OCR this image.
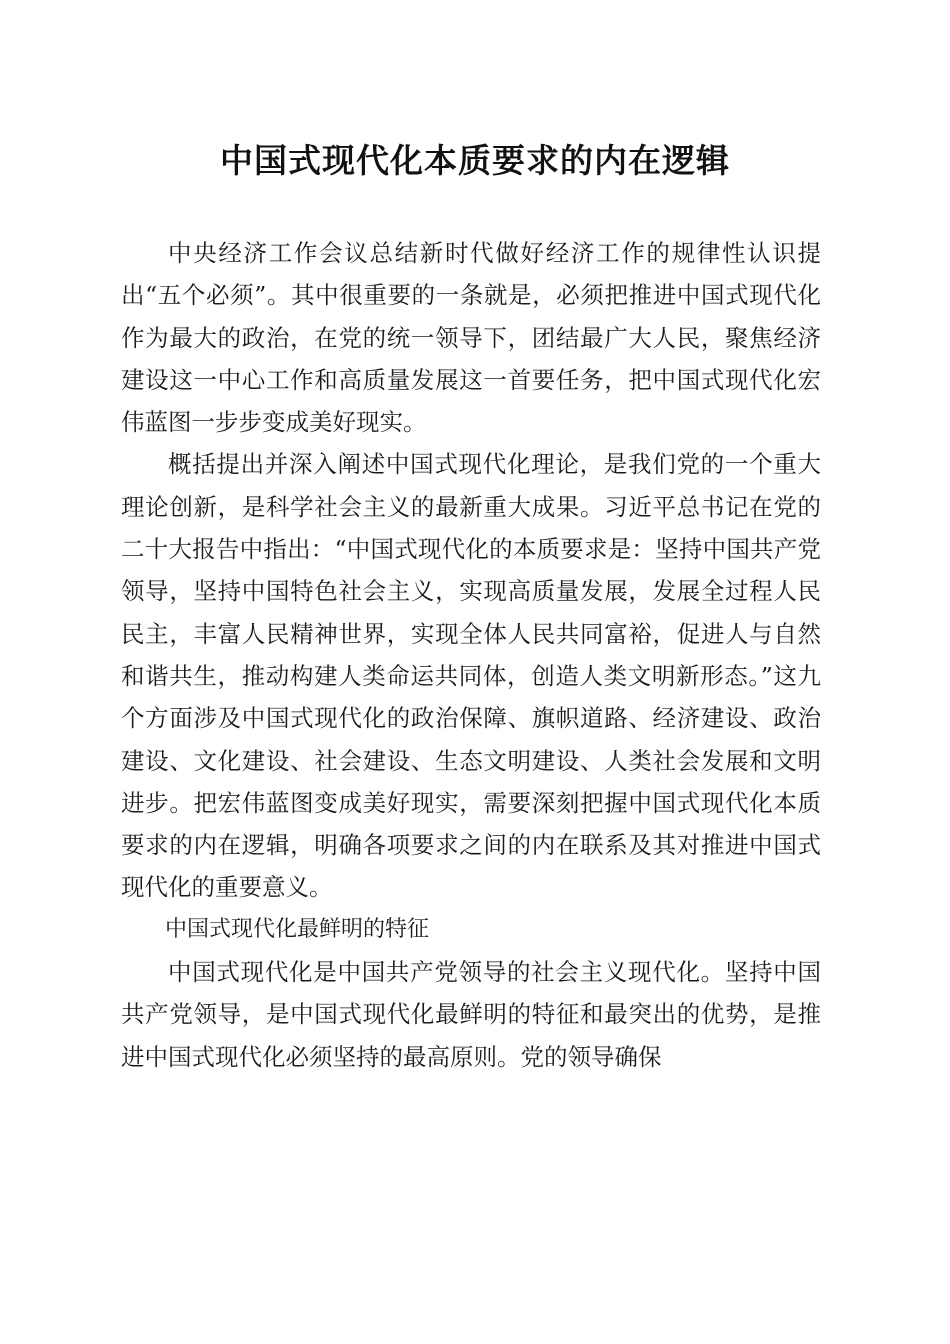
中国式现代化本质要求的内在逻辑

中央经济工作会议总结新时代做好经济工作的规律性认识提出“五个必须”。其中很重要的一条就是，必须把推进中国式现代化作为最大的政治，在党的统一领导下，团结最广大人民，聚焦经济建设这一中心工作和高质量发展这一首要任务，把中国式现代化宏伟蓝图一步步变成美好现实。

概括提出并深入阐述中国式现代化理论，是我们党的一个重大理论创新，是科学社会主义的最新重大成果。习近平总书记在党的二十大报告中指出：“中国式现代化的本质要求是：坚持中国共产党领导，坚持中国特色社会主义，实现高质量发展，发展全过程人民民主，丰富人民精神世界，实现全体人民共同富裕，促进人与自然和谐共生，推动构建人类命运共同体，创造人类文明新形态。”这九个方面涉及中国式现代化的政治保障、旗帜道路、经济建设、政治建设、文化建设、社会建设、生态文明建设、人类社会发展和文明进步。把宏伟蓝图变成美好现实，需要深刻把握中国式现代化本质要求的内在逻辑，明确各项要求之间的内在联系及其对推进中国式现代化的重要意义。

中国式现代化最鲜明的特征

中国式现代化是中国共产党领导的社会主义现代化。坚持中国共产党领导，是中国式现代化最鲜明的特征和最突出的优势，是推进中国式现代化必须坚持的最高原则。党的领导确保
